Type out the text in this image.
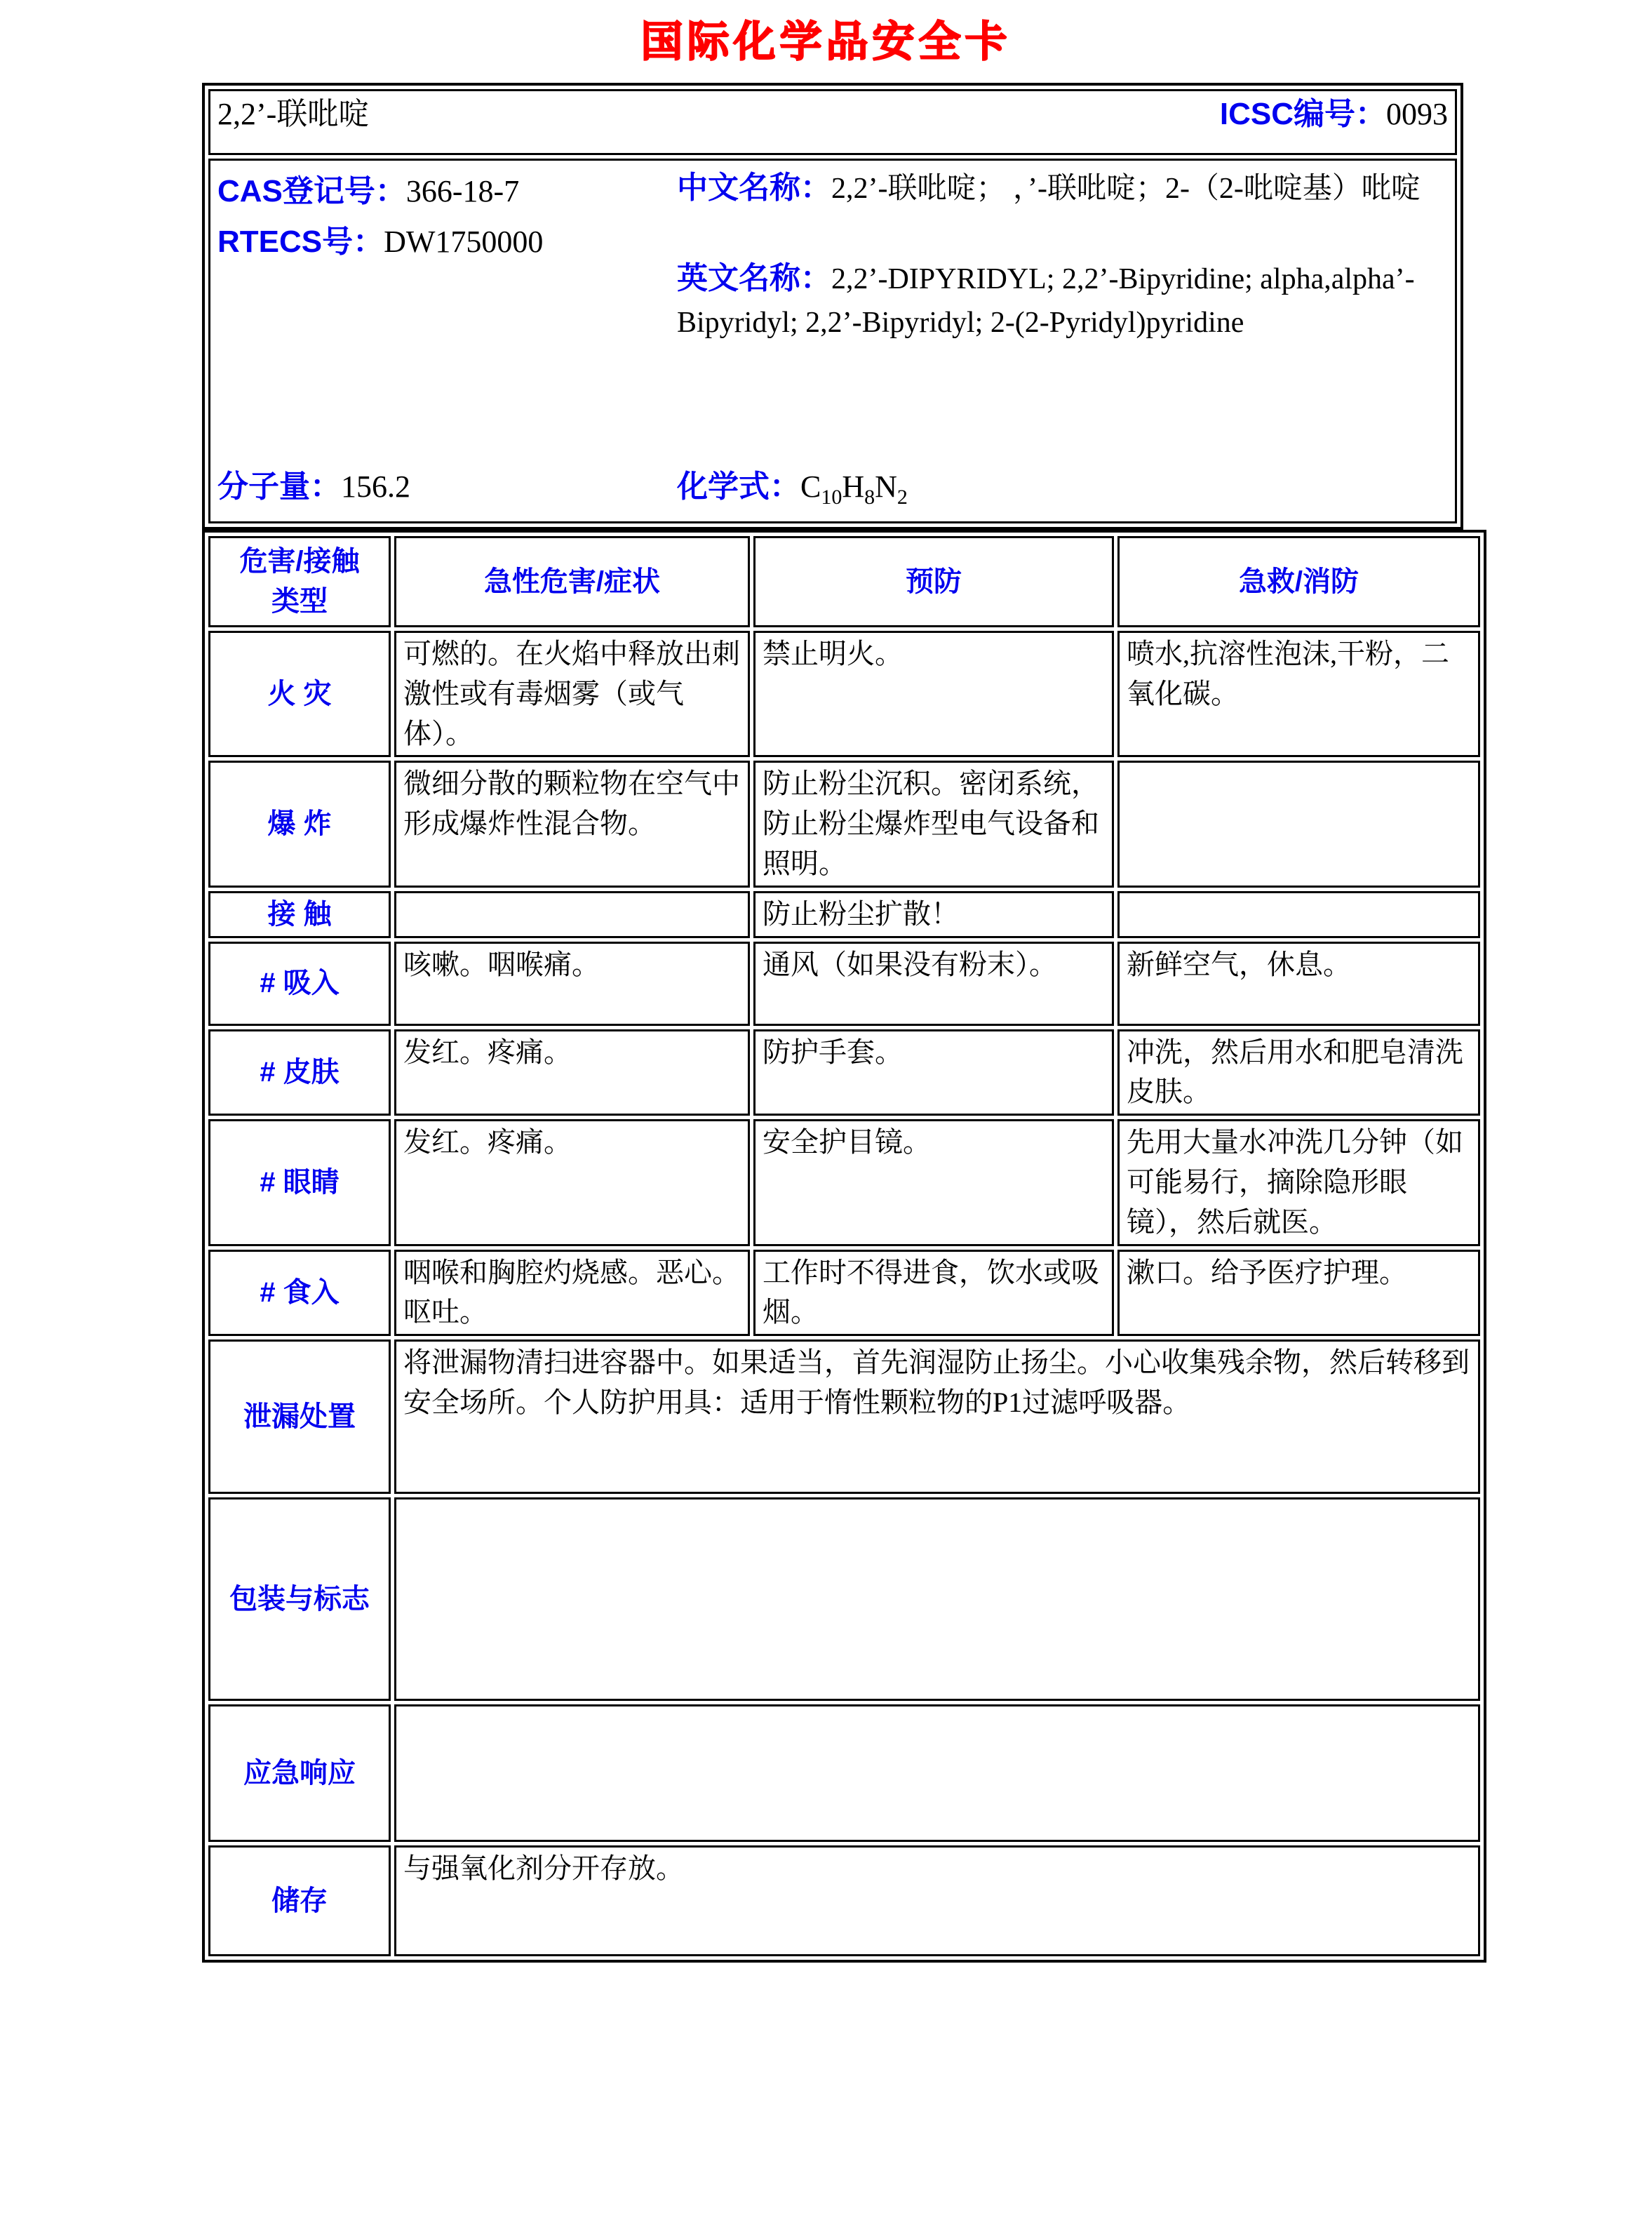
国际化学品安全卡
2,2’-联吡啶	ICSC编号：0093

CAS登记号：366-18-7
RTECS号：DW1750000
中文名称：2,2’-联吡啶； ，’-联吡啶；2-（2-吡啶基）吡啶
英文名称：2,2’-DIPYRIDYL; 2,2’-Bipyridine; alpha,alpha’-Bipyridyl; 2,2’-Bipyridyl; 2-(2-Pyridyl)pyridine
分子量：156.2	化学式：$C_{10}H_8N_2$
危害/接触
类型	急性危害/症状	预防	急救/消防
火 灾	可燃的。在火焰中释放出刺激性或有毒烟雾（或气体）。	禁止明火。	喷水,抗溶性泡沫,干粉，二氧化碳。
爆 炸	微细分散的颗粒物在空气中形成爆炸性混合物。	防止粉尘沉积。密闭系统，防止粉尘爆炸型电气设备和照明。	
接 触		防止粉尘扩散！	
# 吸入	咳嗽。咽喉痛。	通风（如果没有粉末）。	新鲜空气，休息。
# 皮肤	发红。疼痛。	防护手套。	冲洗，然后用水和肥皂清洗皮肤。
# 眼睛	发红。疼痛。	安全护目镜。	先用大量水冲洗几分钟（如可能易行，摘除隐形眼镜），然后就医。
# 食入	咽喉和胸腔灼烧感。恶心。呕吐。	工作时不得进食，饮水或吸烟。	漱口。给予医疗护理。
泄漏处置	将泄漏物清扫进容器中。如果适当，首先润湿防止扬尘。小心收集残余物，然后转移到安全场所。个人防护用具：适用于惰性颗粒物的P1过滤呼吸器。		
包装与标志			
应急响应			
储存	与强氧化剂分开存放。		
